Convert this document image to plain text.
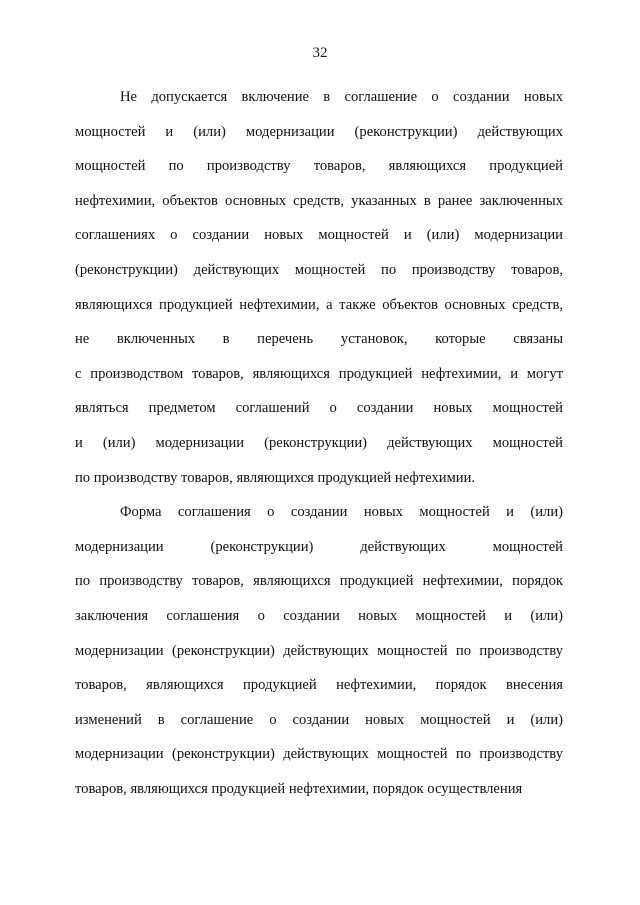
32
Не допускается включение в соглашение о создании новых
мощностей и (или) модернизации (реконструкции) действующих
мощностей по производству товаров, являющихся продукцией
нефтехимии, объектов основных средств, указанных в ранее заключенных
соглашениях о создании новых мощностей и (или) модернизации
(реконструкции) действующих мощностей по производству товаров,
являющихся продукцией нефтехимии, а также объектов основных средств,
не включенных в перечень установок, которые связаны
с производством товаров, являющихся продукцией нефтехимии, и могут
являться предметом соглашений о создании новых мощностей
и (или) модернизации (реконструкции) действующих мощностей
по производству товаров, являющихся продукцией нефтехимии.
Форма соглашения о создании новых мощностей и (или)
модернизации (реконструкции) действующих мощностей
по производству товаров, являющихся продукцией нефтехимии, порядок
заключения соглашения о создании новых мощностей и (или)
модернизации (реконструкции) действующих мощностей по производству
товаров, являющихся продукцией нефтехимии, порядок внесения
изменений в соглашение о создании новых мощностей и (или)
модернизации (реконструкции) действующих мощностей по производству
товаров, являющихся продукцией нефтехимии, порядок осуществления
